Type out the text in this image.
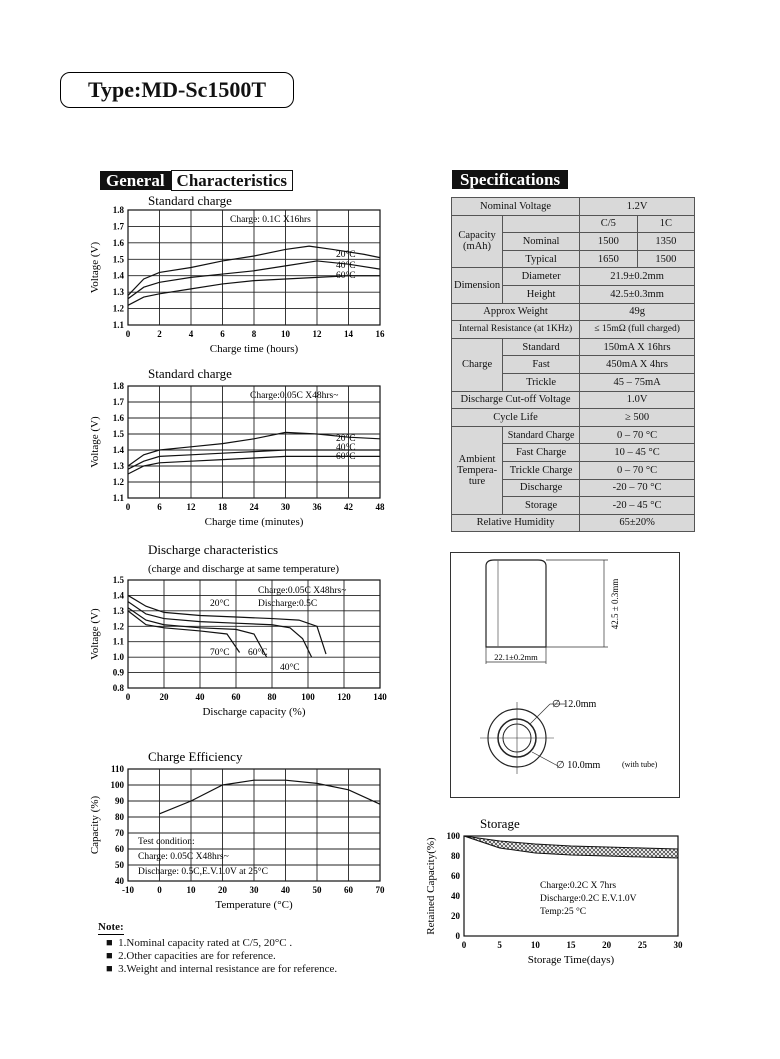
Type:MD-Sc1500T
General Characteristics	Specifications
0	2	4	6	8	10	12	14	16
1.1
1.2
1.3
1.4
1.5
1.6
1.7
1.8
Standard charge
Charge time (hours)
Voltage (V)
Charge: 0.1C X16hrs
20°C
40°C
60°C
0	6	12	18	24	30	36	42	48
1.1
1.2
1.3
1.4
1.5
1.6
1.7
1.8
Standard charge
Charge time (minutes)
Voltage (V)
Charge:0.05C X48hrs~
20°C
40°C
60°C
0	20	40	60	80	100	120	140
0.8
0.9
1.0
1.1
1.2
1.3
1.4
1.5
Discharge characteristics
(charge and discharge at same temperature)
Discharge capacity (%)
Voltage (V)
Charge:0.05C X48hrs~
Discharge:0.5C
20°C
40°C
60°C
70°C
-10	0	10	20	30	40	50	60	70
40
50
60
70
80
90
100
110
Charge Efficiency
Temperature (°C)
Capacity (%)	Test condition:
Charge: 0.05C X48hrs~
Discharge: 0.5C,E.V.1.0V at 25°C
0	5	10	15	20	25	30
0
20
40
60
80
100
Storage
Storage Time(days)
Retained Capacity(%)	Charge:0.2C X 7hrs
Discharge:0.2C E.V.1.0V
Temp:25 °C
Nominal Voltage		1.2V	
Capacity (mAh)		C/5	1C
	Nominal	1500	1350
	Typical	1650	1500
Dimension	Diameter	21.9±0.2mm	
	Height	42.5±0.3mm	
Approx Weight		49g	
Internal Resistance (at 1KHz)		≤ 15mΩ (full charged)	
Charge	Standard	150mA X 16hrs	
	Fast	450mA X 4hrs	
	Trickle	45 – 75mA	
Discharge Cut-off Voltage		1.0V	
Cycle Life		≥ 500	
Ambient Tempera- ture	Standard Charge	0 – 70 °C	
	Fast Charge	10 – 45 °C	
	Trickle Charge	0 – 70 °C	
	Discharge	-20 – 70 °C	
	Storage	-20 – 45 °C	
Relative Humidity		65±20%	
42.5 ± 0.3mm
22.1±0.2mm
∅ 12.0mm
∅ 10.0mm	(with tube)
Note:
■  1.Nominal capacity rated at C/5, 20°C .
■  2.Other capacities are for reference.
■  3.Weight and internal resistance are for reference.
